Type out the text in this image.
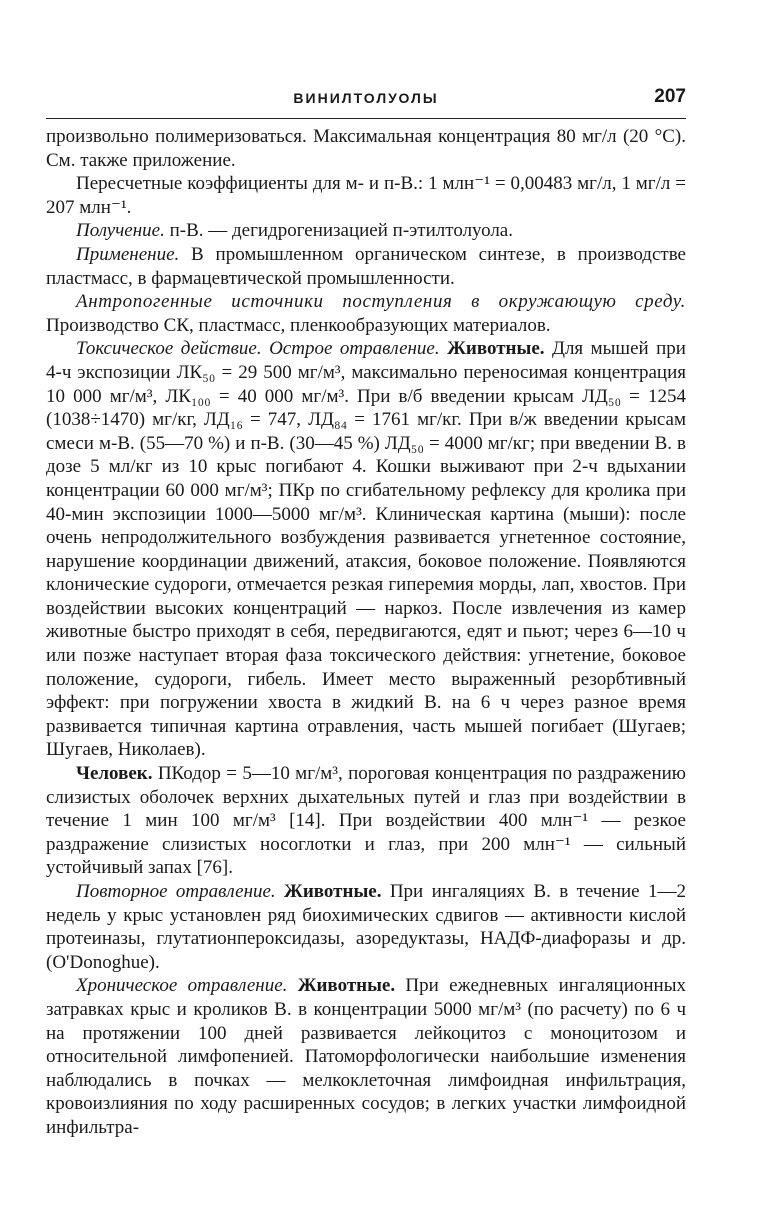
ВИНИЛТОЛУОЛЫ	207

произвольно полимеризоваться. Максимальная концентрация 80 мг/л (20 °С). См. также приложение.

Пересчетные коэффициенты для м- и п-В.: 1 млн⁻¹ = 0,00483 мг/л, 1 мг/л = 207 млн⁻¹.

Получение. п-В. — дегидрогенизацией п-этилтолуола.

Применение. В промышленном органическом синтезе, в производстве пластмасс, в фармацевтической промышленности.

Антропогенные источники поступления в окружающую среду. Производство СК, пластмасс, пленкообразующих материалов.

Токсическое действие. Острое отравление. Животные. Для мышей при 4-ч экспозиции ЛК₅₀ = 29 500 мг/м³, максимально переносимая концентрация 10 000 мг/м³, ЛК₁₀₀ = 40 000 мг/м³. При в/б введении крысам ЛД₅₀ = 1254 (1038÷1470) мг/кг, ЛД₁₆ = 747, ЛД₈₄ = 1761 мг/кг. При в/ж введении крысам смеси м-В. (55—70 %) и п-В. (30—45 %) ЛД₅₀ = 4000 мг/кг; при введении В. в дозе 5 мл/кг из 10 крыс погибают 4. Кошки выживают при 2-ч вдыхании концентрации 60 000 мг/м³; ПКр по сгибательному рефлексу для кролика при 40-мин экспозиции 1000—5000 мг/м³. Клиническая картина (мыши): после очень непродолжительного возбуждения развивается угнетенное состояние, нарушение координации движений, атаксия, боковое положение. Появляются клонические судороги, отмечается резкая гиперемия морды, лап, хвостов. При воздействии высоких концентраций — наркоз. После извлечения из камер животные быстро приходят в себя, передвигаются, едят и пьют; через 6—10 ч или позже наступает вторая фаза токсического действия: угнетение, боковое положение, судороги, гибель. Имеет место выраженный резорбтивный эффект: при погружении хвоста в жидкий В. на 6 ч через разное время развивается типичная картина отравления, часть мышей погибает (Шугаев; Шугаев, Николаев).

Человек. ПКодор = 5—10 мг/м³, пороговая концентрация по раздражению слизистых оболочек верхних дыхательных путей и глаз при воздействии в течение 1 мин 100 мг/м³ [14]. При воздействии 400 млн⁻¹ — резкое раздражение слизистых носоглотки и глаз, при 200 млн⁻¹ — сильный устойчивый запах [76].

Повторное отравление. Животные. При ингаляциях В. в течение 1—2 недель у крыс установлен ряд биохимических сдвигов — активности кислой протеиназы, глутатионпероксидазы, азоредуктазы, НАДФ-диафоразы и др. (O'Donoghue).

Хроническое отравление. Животные. При ежедневных ингаляционных затравках крыс и кроликов В. в концентрации 5000 мг/м³ (по расчету) по 6 ч на протяжении 100 дней развивается лейкоцитоз с моноцитозом и относительной лимфопенией. Патоморфологически наибольшие изменения наблюдались в почках — мелкоклеточная лимфоидная инфильтрация, кровоизлияния по ходу расширенных сосудов; в легких участки лимфоидной инфильтра-
